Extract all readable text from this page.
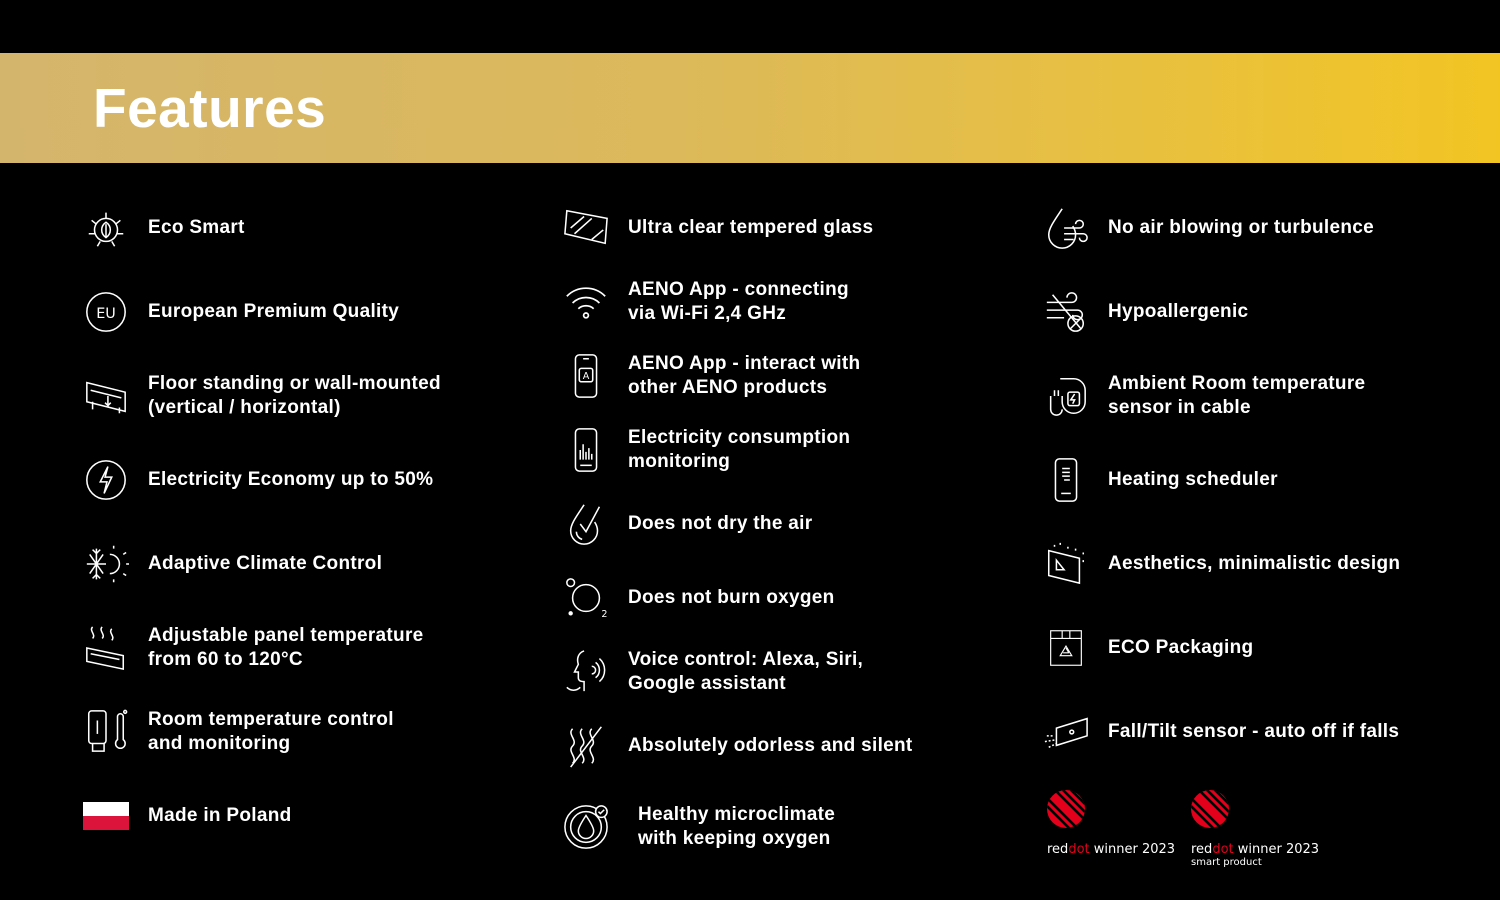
Features
Eco Smart
EU European Premium Quality
Floor standing or wall-mounted
(vertical / horizontal)
Electricity Economy up to 50%
Adaptive Climate Control
Adjustable panel temperature
from 60 to 120°C
Room temperature control
and monitoring
Made in Poland
Ultra clear tempered glass
AENO App - connecting
via Wi-Fi 2,4 GHz
A
AENO App - interact with
other AENO products
Electricity consumption
monitoring
Does not dry the air
2
Does not burn oxygen
Voice control: Alexa, Siri,
Google assistant
Absolutely odorless and silent
Healthy microclimate
with keeping oxygen
No air blowing or turbulence
Hypoallergenic
Ambient Room temperature
sensor in cable
Heating scheduler
Aesthetics, minimalistic design
ECO Packaging
Fall/Tilt sensor - auto off if falls
reddot winner 2023 reddot winner 2023
smart product
